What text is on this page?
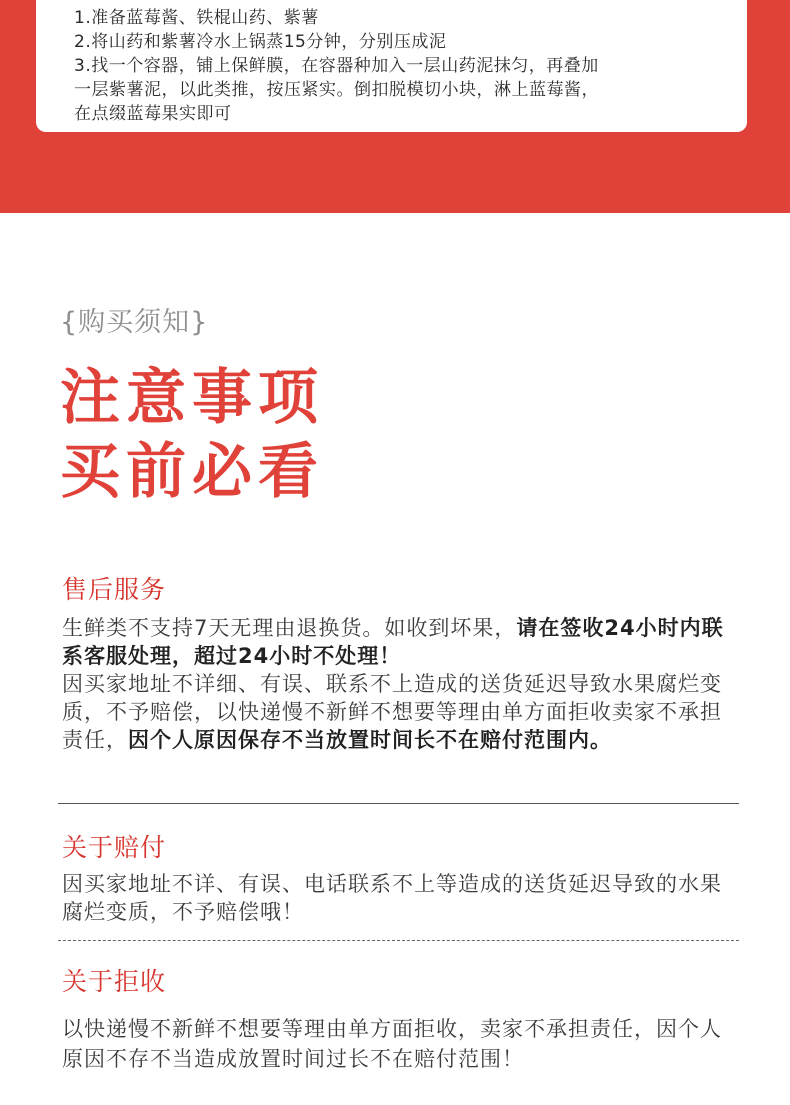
1.准备蓝莓酱、铁棍山药、紫薯
2.将山药和紫薯冷水上锅蒸15分钟，分别压成泥
3.找一个容器，铺上保鲜膜，在容器种加入一层山药泥抹匀，再叠加
一层紫薯泥，以此类推，按压紧实。倒扣脱模切小块，淋上蓝莓酱，
在点缀蓝莓果实即可
{购买须知}
注意事项
买前必看
售后服务
生鲜类不支持7天无理由退换货。如收到坏果，请在签收24小时内联系客服处理，超过24小时不处理！
因买家地址不详细、有误、联系不上造成的送货延迟导致水果腐烂变质，不予赔偿，以快递慢不新鲜不想要等理由单方面拒收卖家不承担责任，因个人原因保存不当放置时间长不在赔付范围内。
关于赔付
因买家地址不详、有误、电话联系不上等造成的送货延迟导致的水果腐烂变质，不予赔偿哦！
关于拒收
以快递慢不新鲜不想要等理由单方面拒收，卖家不承担责任，因个人原因不存不当造成放置时间过长不在赔付范围！
